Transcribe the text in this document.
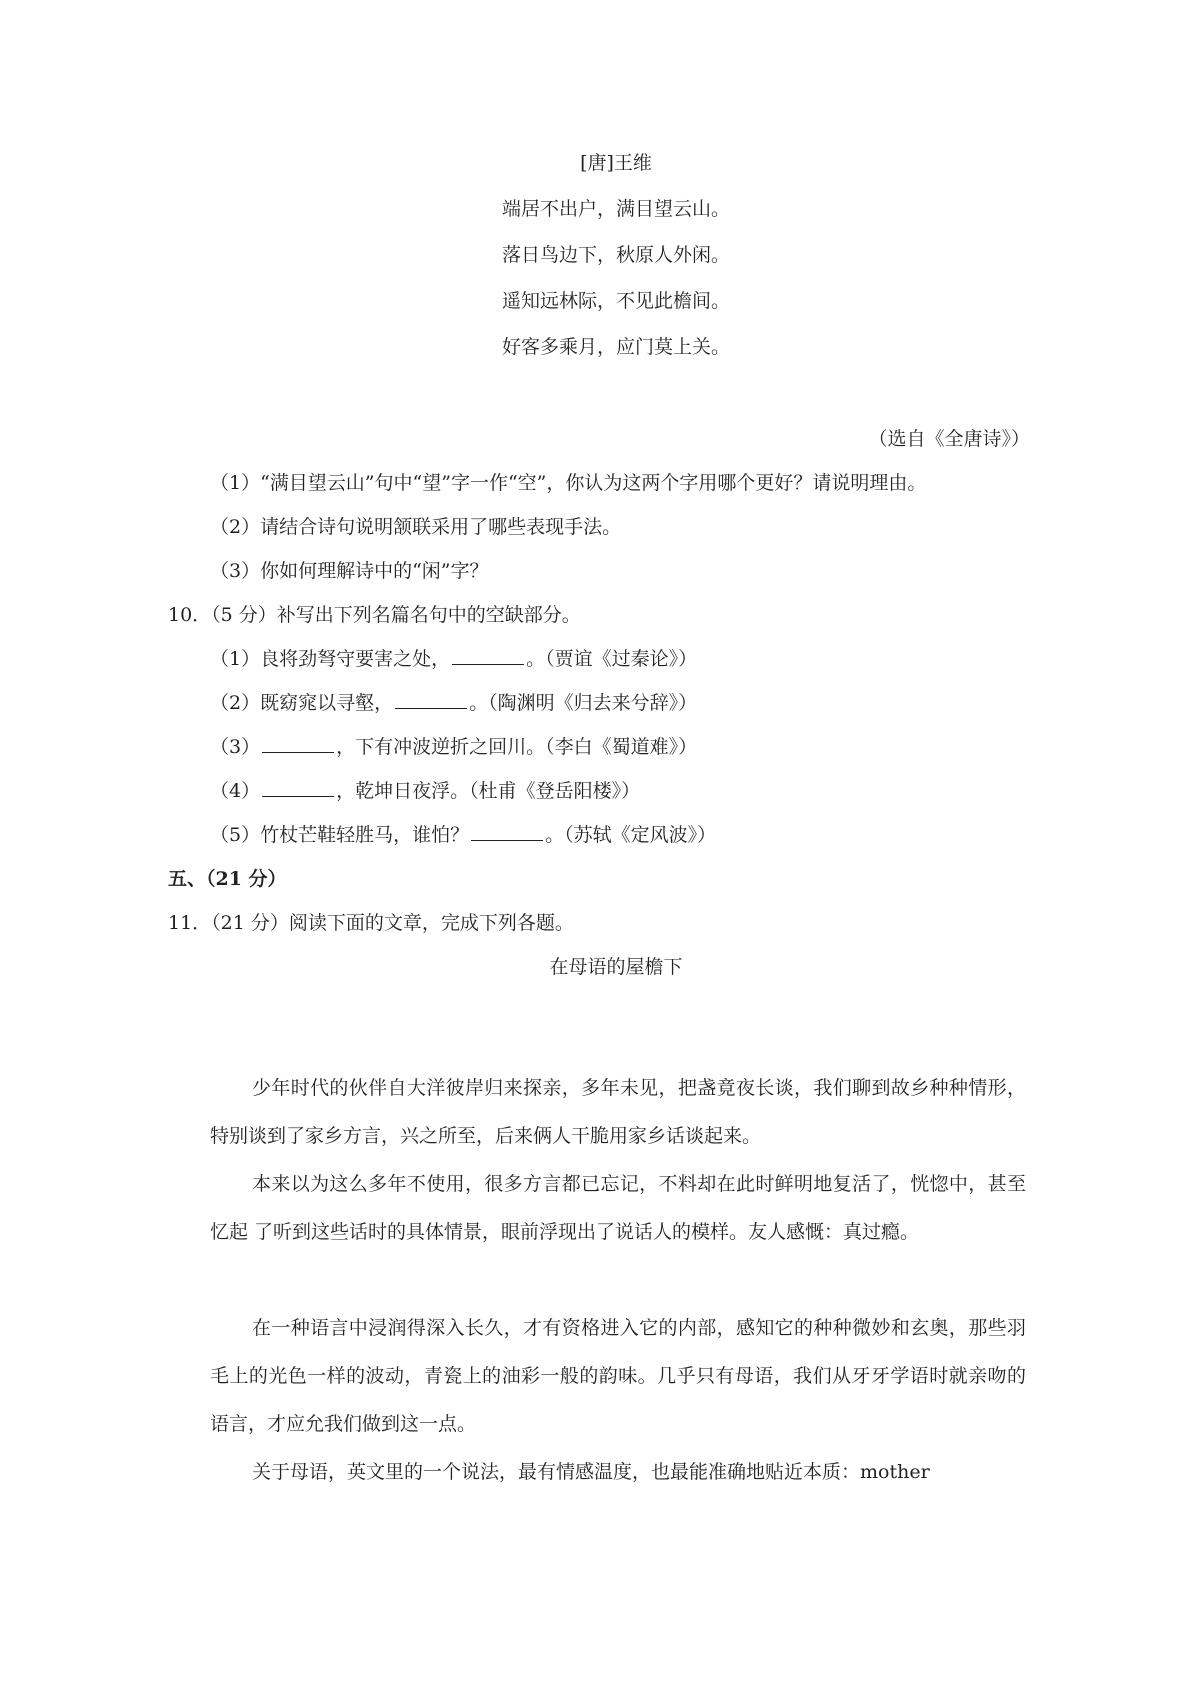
[唐]王维
端居不出户，满目望云山。
落日鸟边下，秋原人外闲。
遥知远林际，不见此檐间。
好客多乘月，应门莫上关。
（选自《全唐诗》）
（1）“满目望云山”句中“望”字一作“空”，你认为这两个字用哪个更好？请说明理由。
（2）请结合诗句说明颔联采用了哪些表现手法。
（3）你如何理解诗中的“闲”字？
10．（5 分）补写出下列名篇名句中的空缺部分。
（1）良将劲弩守要害之处，	。（贾谊《过秦论》）
（2）既窈窕以寻壑，	。（陶渊明《归去来兮辞》）
（3）	，下有冲波逆折之回川。（李白《蜀道难》）
（4）	，乾坤日夜浮。（杜甫《登岳阳楼》）
（5）竹杖芒鞋轻胜马，谁怕？	。（苏轼《定风波》）
五、（21 分）
11．（21 分）阅读下面的文章，完成下列各题。
在母语的屋檐下
少年时代的伙伴自大洋彼岸归来探亲，多年未见，把盏竟夜长谈，我们聊到故乡种种情形，特别谈到了家乡方言，兴之所至，后来俩人干脆用家乡话谈起来。
本来以为这么多年不使用，很多方言都已忘记，不料却在此时鲜明地复活了，恍惚中，甚至忆起 了听到这些话时的具体情景，眼前浮现出了说话人的模样。友人感慨：真过瘾。
在一种语言中浸润得深入长久，才有资格进入它的内部，感知它的种种微妙和玄奥，那些羽毛上的光色一样的波动，青瓷上的油彩一般的韵味。几乎只有母语，我们从牙牙学语时就亲吻的语言，才应允我们做到这一点。
关于母语，英文里的一个说法，最有情感温度，也最能准确地贴近本质：mother
